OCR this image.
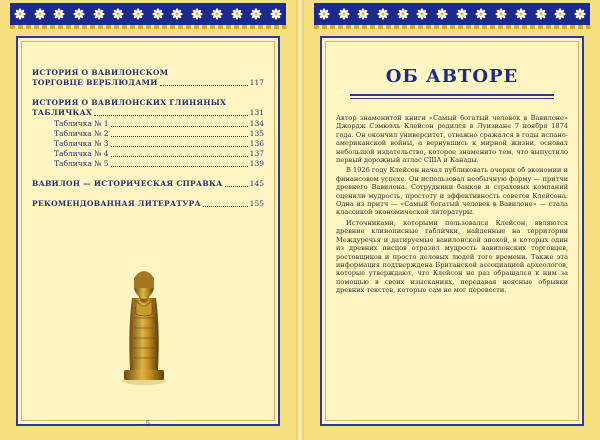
ИСТОРИЯ О ВАВИЛОНСКОМ
ТОРГОВЦЕ ВЕРБЛЮДАМИ	117
ИСТОРИЯ О ВАВИЛОНСКИХ ГЛИНЯНЫХ
ТАБЛИЧКАХ	131
Табличка № 1	134
Табличка № 2	135
Табличка № 3	136
Табличка № 4	137
Табличка № 5	139
ВАВИЛОН — ИСТОРИЧЕСКАЯ СПРАВКА	145
РЕКОМЕНДОВАННАЯ ЛИТЕРАТУРА	155
— 5 —
ОБ АВТОРЕ

Автор знаменитой книги «Самый богатый человек в Вавилоне» Джордж Сэмюэль Клейсон родился в Луизиане 7 ноября 1874 года. Он окончил университет, отважно сражался в годы испано-американской войны, а вернувшись к мирной жизни, основал небольшой издательство, которое знаменито тем, что выпустило первый дорожный атлас США и Канады.

В 1926 году Клейсон начал публиковать очерки об экономии и финансовом успехе. Он использовал необычную форму — притчи древнего Вавилона. Сотрудники банков и страховых компаний оценили мудрость, простоту и эффективность советов Клейсона. Одна из притч — «Самый богатый человек в Вавилоне» — стала классикой экономической литературы.

Источниками, которыми пользовался Клейсон, являются древние клинописные таблички, найденные на территории Междуречья и датируемые вавилонской эпохой, в которых один из древних писцов отразил мудрость вавилонских торговцев, ростовщиков и просто деловых людей того времени. Также эта информация подтверждена Британской ассоциацией археологов, которые утверждают, что Клейсон не раз обращался к ним за помощью в своих изысканиях, передавая неясные обрывки древних текстов, которые сам не мог перевести.
